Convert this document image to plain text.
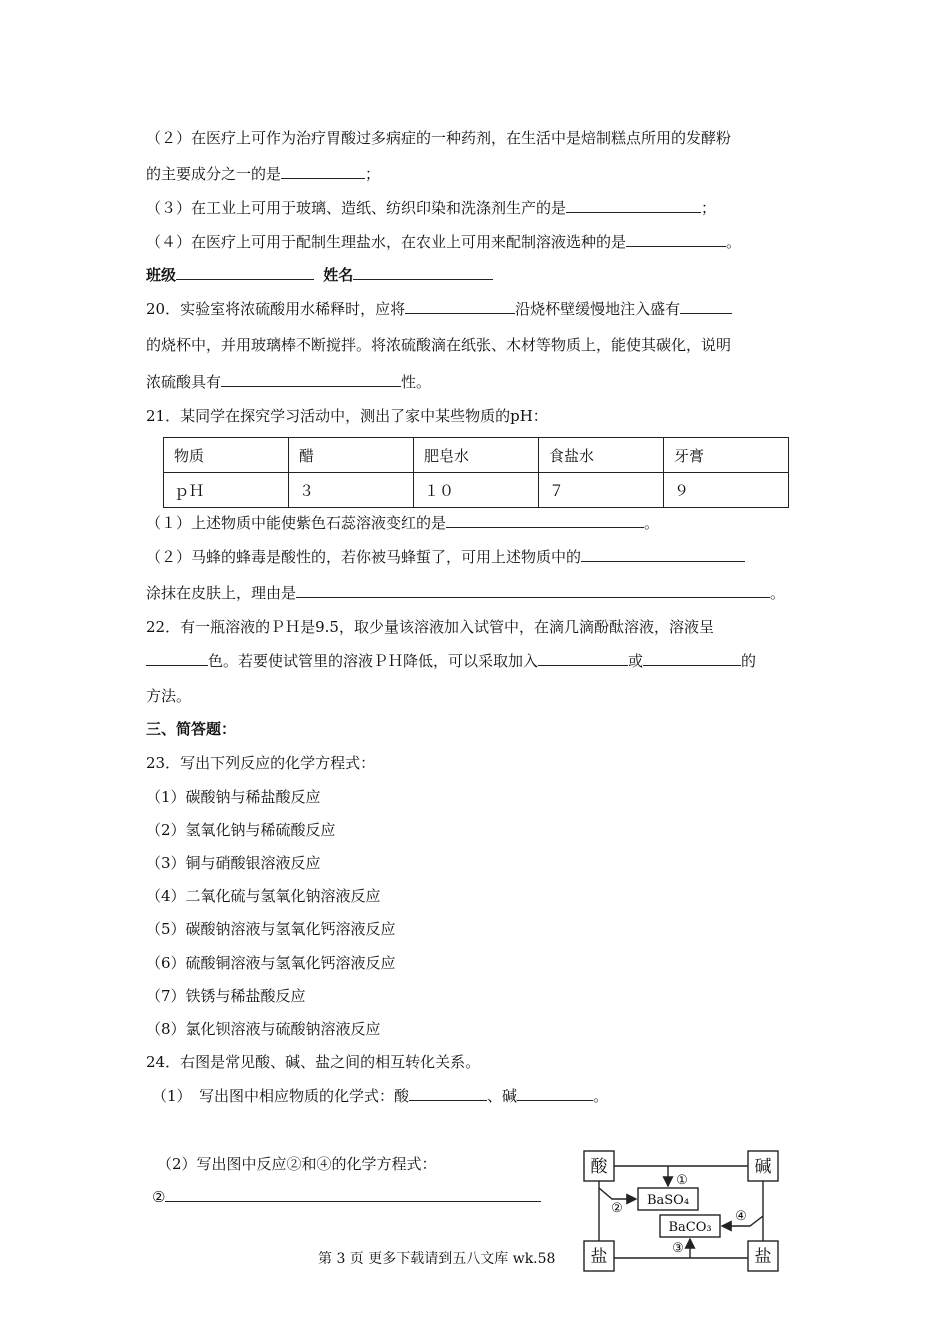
（２）在医疗上可作为治疗胃酸过多病症的一种药剂，在生活中是焙制糕点所用的发酵粉
的主要成分之一的是	；
（３）在工业上可用于玻璃、造纸、纺织印染和洗涤剂生产的是	；
（４）在医疗上可用于配制生理盐水，在农业上可用来配制溶液选种的是	。
班级	姓名
20．实验室将浓硫酸用水稀释时，应将	沿烧杯壁缓慢地注入盛有
的烧杯中，并用玻璃棒不断搅拌。将浓硫酸滴在纸张、木材等物质上，能使其碳化，说明
浓硫酸具有	性。
21．某同学在探究学习活动中，测出了家中某些物质的pH：
物质	醋	肥皂水	食盐水	牙膏
ｐＨ	３	１０	７	９
（１）上述物质中能使紫色石蕊溶液变红的是	。
（２）马蜂的蜂毒是酸性的，若你被马蜂蜇了，可用上述物质中的
涂抹在皮肤上，理由是	。
22．有一瓶溶液的ＰＨ是9.5，取少量该溶液加入试管中，在滴几滴酚酞溶液，溶液呈
色。若要使试管里的溶液ＰＨ降低，可以采取加入	或	的
方法。
三、简答题：
23．写出下列反应的化学方程式：
（1）碳酸钠与稀盐酸反应
（2）氢氧化钠与稀硫酸反应
（3）铜与硝酸银溶液反应
（4）二氧化硫与氢氧化钠溶液反应
（5）碳酸钠溶液与氢氧化钙溶液反应
（6）硫酸铜溶液与氢氧化钙溶液反应
（7）铁锈与稀盐酸反应
（8）氯化钡溶液与硫酸钠溶液反应
24．右图是常见酸、碱、盐之间的相互转化关系。
（1）　写出图中相应物质的化学式：酸	、碱	。
（2）写出图中反应②和④的化学方程式：
②
酸	碱
盐	盐
BaSO₄
BaCO₃
①
②
③
④
第 3 页 更多下载请到五八文库 wk.58
